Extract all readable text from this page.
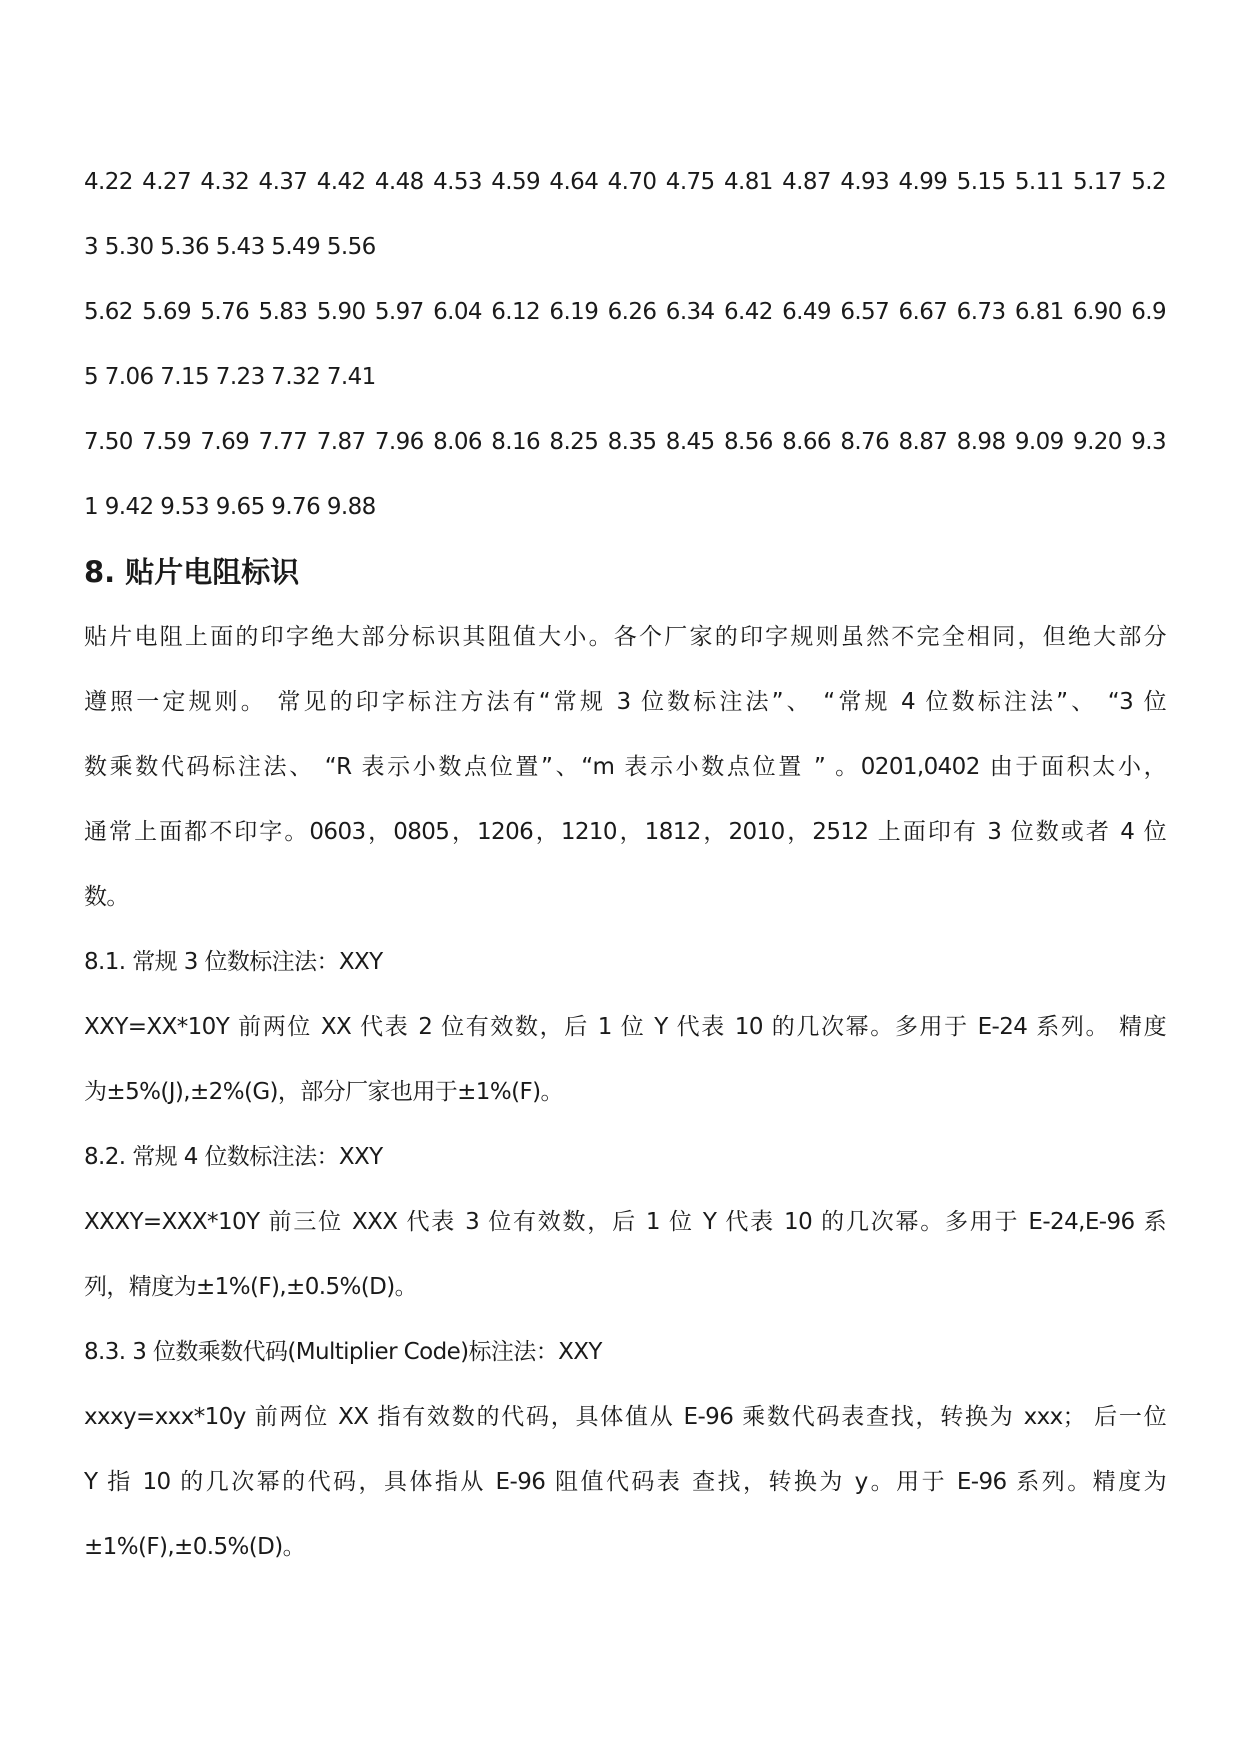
4.22 4.27 4.32 4.37 4.42 4.48 4.53 4.59 4.64 4.70 4.75 4.81 4.87 4.93 4.99 5.15 5.11 5.17 5.2
3 5.30 5.36 5.43 5.49 5.56
5.62 5.69 5.76 5.83 5.90 5.97 6.04 6.12 6.19 6.26 6.34 6.42 6.49 6.57 6.67 6.73 6.81 6.90 6.9
5 7.06 7.15 7.23 7.32 7.41
7.50 7.59 7.69 7.77 7.87 7.96 8.06 8.16 8.25 8.35 8.45 8.56 8.66 8.76 8.87 8.98 9.09 9.20 9.3
1 9.42 9.53 9.65 9.76 9.88
8. 贴片电阻标识
贴片电阻上面的印字绝大部分标识其阻值大小。各个厂家的印字规则虽然不完全相同，但绝大部分
遵照一定规则。 常见的印字标注方法有“常规 3 位数标注法”、 “常规 4 位数标注法”、 “3 位
数乘数代码标注法、 “R 表示小数点位置”、“m 表示小数点位置 ” 。0201,0402 由于面积太小，
通常上面都不印字。0603，0805，1206，1210，1812，2010，2512 上面印有 3 位数或者 4 位
数。
8.1. 常规 3 位数标注法：XXY
XXY=XX*10Y 前两位 XX 代表 2 位有效数，后 1 位 Y 代表 10 的几次幂。多用于 E-24 系列。 精度
为±5%(J),±2%(G)，部分厂家也用于±1%(F)。
8.2. 常规 4 位数标注法：XXY
XXXY=XXX*10Y 前三位 XXX 代表 3 位有效数，后 1 位 Y 代表 10 的几次幂。多用于 E-24,E-96 系
列，精度为±1%(F),±0.5%(D)。
8.3. 3 位数乘数代码(Multiplier Code)标注法：XXY
xxxy=xxx*10y 前两位 XX 指有效数的代码，具体值从 E-96 乘数代码表查找，转换为 xxx； 后一位
Y 指 10 的几次幂的代码，具体指从 E-96 阻值代码表 查找，转换为 y。用于 E-96 系列。精度为
±1%(F),±0.5%(D)。
